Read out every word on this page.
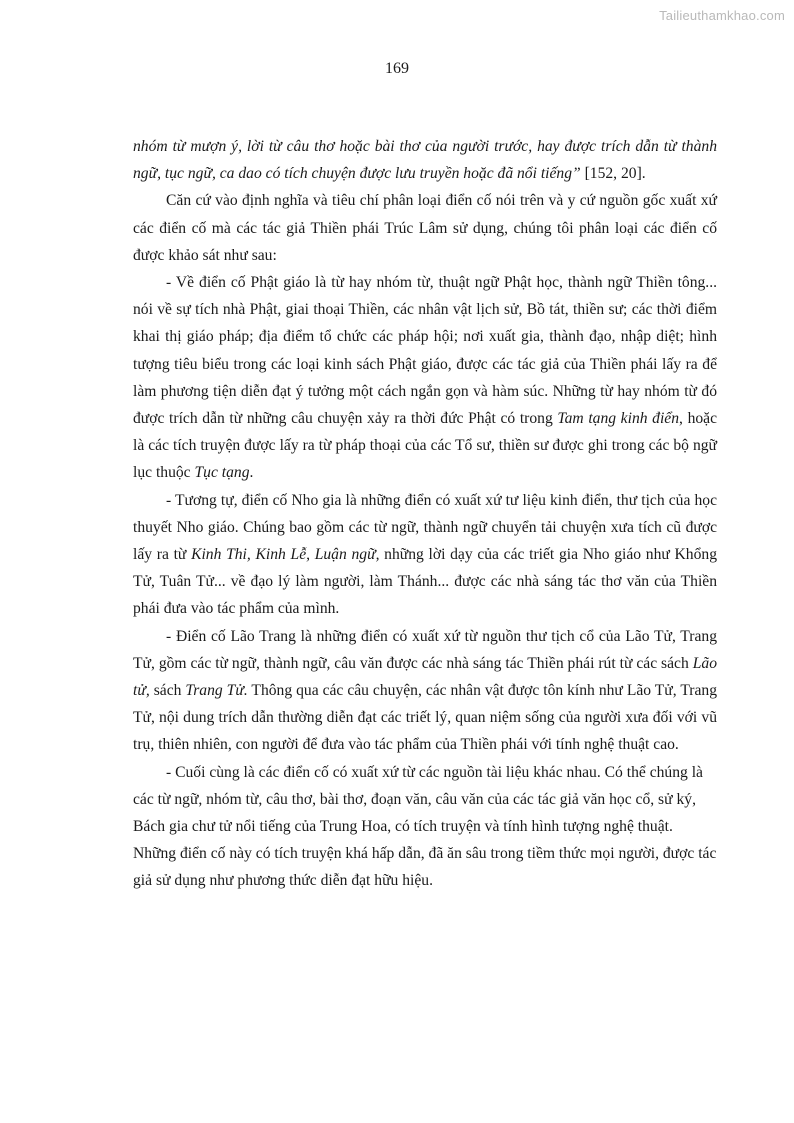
Tailieuthamkhao.com
169

nhóm từ mượn ý, lời từ câu thơ hoặc bài thơ của người trước, hay được trích dẫn từ thành ngữ, tục ngữ, ca dao có tích chuyện được lưu truyền hoặc đã nổi tiếng” [152, 20].

Căn cứ vào định nghĩa và tiêu chí phân loại điển cố nói trên và y cứ nguồn gốc xuất xứ các điển cố mà các tác giả Thiền phái Trúc Lâm sử dụng, chúng tôi phân loại các điển cố được khảo sát như sau:

- Về điển cố Phật giáo là từ hay nhóm từ, thuật ngữ Phật học, thành ngữ Thiền tông... nói về sự tích nhà Phật, giai thoại Thiền, các nhân vật lịch sử, Bồ tát, thiền sư; các thời điểm khai thị giáo pháp; địa điểm tổ chức các pháp hội; nơi xuất gia, thành đạo, nhập diệt; hình tượng tiêu biểu trong các loại kinh sách Phật giáo, được các tác giả của Thiền phái lấy ra để làm phương tiện diễn đạt ý tưởng một cách ngắn gọn và hàm súc. Những từ hay nhóm từ đó được trích dẫn từ những câu chuyện xảy ra thời đức Phật có trong Tam tạng kinh điển, hoặc là các tích truyện được lấy ra từ pháp thoại của các Tổ sư, thiền sư được ghi trong các bộ ngữ lục thuộc Tục tạng.

- Tương tự, điển cố Nho gia là những điển có xuất xứ tư liệu kinh điển, thư tịch của học thuyết Nho giáo. Chúng bao gồm các từ ngữ, thành ngữ chuyển tải chuyện xưa tích cũ được lấy ra từ Kinh Thi, Kinh Lễ, Luận ngữ, những lời dạy của các triết gia Nho giáo như Khổng Tử, Tuân Tử... về đạo lý làm người, làm Thánh... được các nhà sáng tác thơ văn của Thiền phái đưa vào tác phẩm của mình.

- Điển cố Lão Trang là những điển có xuất xứ từ nguồn thư tịch cổ của Lão Tử, Trang Tử, gồm các từ ngữ, thành ngữ, câu văn được các nhà sáng tác Thiền phái rút từ các sách Lão tử, sách Trang Tử. Thông qua các câu chuyện, các nhân vật được tôn kính như Lão Tử, Trang Tử, nội dung trích dẫn thường diễn đạt các triết lý, quan niệm sống của người xưa đối với vũ trụ, thiên nhiên, con người để đưa vào tác phẩm của Thiền phái với tính nghệ thuật cao.

- Cuối cùng là các điển cố có xuất xứ từ các nguồn tài liệu khác nhau. Có thể chúng là các từ ngữ, nhóm từ, câu thơ, bài thơ, đoạn văn, câu văn của các tác giả văn học cổ, sử ký, Bách gia chư tử nổi tiếng của Trung Hoa, có tích truyện và tính hình tượng nghệ thuật. Những điển cố này có tích truyện khá hấp dẫn, đã ăn sâu trong tiềm thức mọi người, được tác giả sử dụng như phương thức diễn đạt hữu hiệu.
